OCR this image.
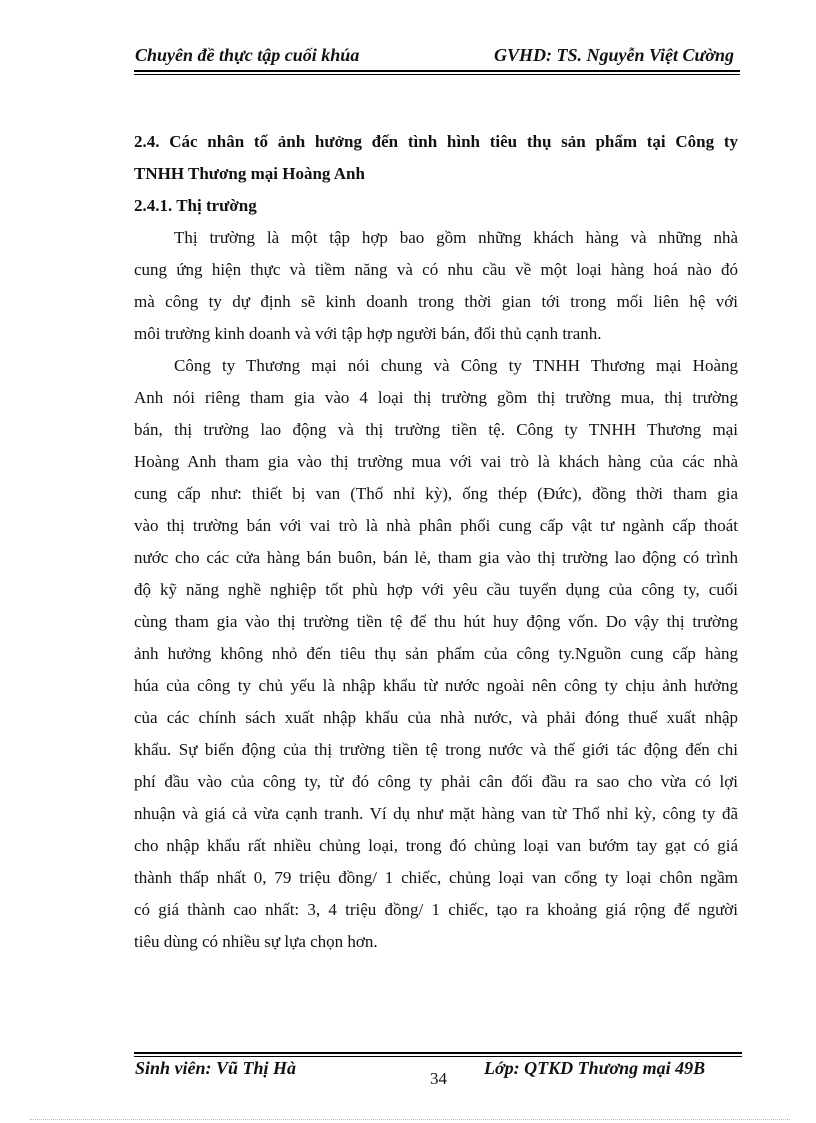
Chuyên đề thực tập cuối khúa	GVHD: TS. Nguyễn Việt Cường
2.4. Các nhân tố ảnh hưởng đến tình hình tiêu thụ sản phẩm tại Công ty
TNHH Thương mại Hoàng Anh
2.4.1. Thị trường
Thị trường là một tập hợp bao gồm những khách hàng và những nhà
cung ứng hiện thực và tiềm năng và có nhu cầu về một loại hàng hoá nào đó
mà công ty dự định sẽ kinh doanh trong thời gian tới trong mối liên hệ với
môi trường kinh doanh và với tập hợp người bán, đối thủ cạnh tranh.
Công ty Thương mại nói chung và Công ty TNHH Thương mại Hoàng
Anh nói riêng tham gia vào 4 loại thị trường gồm thị trường mua, thị trường
bán, thị trường lao động và thị trường tiền tệ. Công ty TNHH Thương mại
Hoàng Anh tham gia vào thị trường mua với vai trò là khách hàng của các nhà
cung cấp như: thiết bị van (Thổ nhỉ kỳ), ống thép (Đức), đồng thời tham gia
vào thị trường bán với vai trò là nhà phân phối cung cấp vật tư ngành cấp thoát
nước cho các cửa hàng bán buôn, bán lẻ, tham gia vào thị trường lao động có trình
độ kỹ năng nghề nghiệp tốt phù hợp với yêu cầu tuyển dụng của công ty, cuối
cùng tham gia vào thị trường tiền tệ để thu hút huy động vốn. Do vậy thị trường
ảnh hưởng không nhỏ đến tiêu thụ sản phẩm của công ty.Nguồn cung cấp hàng
húa của công ty chủ yếu là nhập khẩu từ nước ngoài nên công ty chịu ảnh hưởng
của các chính sách xuất nhập khẩu của nhà nước, và phải đóng thuế xuất nhập
khẩu. Sự biến động của thị trường tiền tệ trong nước và thế giới tác động đến chi
phí đầu vào của công ty, từ đó công ty phải cân đối đầu ra sao cho vừa có lợi
nhuận và giá cả vừa cạnh tranh. Ví dụ như mặt hàng van từ Thổ nhỉ kỳ, công ty đã
cho nhập khẩu rất nhiều chủng loại, trong đó chủng loại van bướm tay gạt có giá
thành thấp nhất 0, 79 triệu đồng/ 1 chiếc, chủng loại van cổng ty loại chôn ngầm
có giá thành cao nhất: 3, 4 triệu đồng/ 1 chiếc, tạo ra khoảng giá rộng để người
tiêu dùng có nhiều sự lựa chọn hơn.
Sinh viên: Vũ Thị Hà	Lớp: QTKD Thương mại 49B
34
